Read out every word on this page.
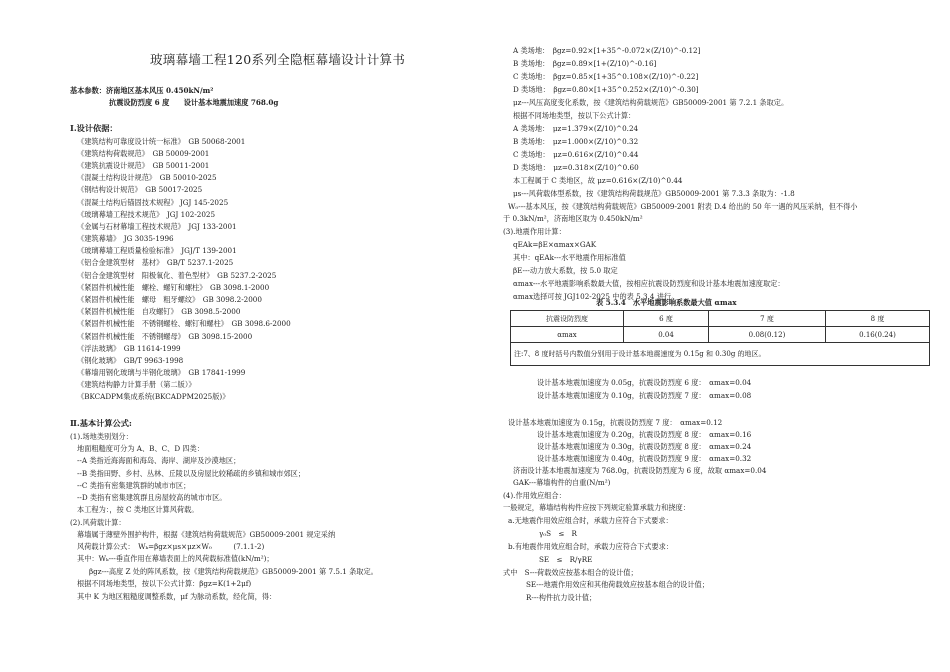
玻璃幕墙工程120系列全隐框幕墙设计计算书
基本参数：济南地区基本风压 0.450kN/m²
抗震设防烈度 6 度　　设计基本地震加速度 768.0g
Ⅰ.设计依据：
《建筑结构可靠度设计统一标准》　GB 50068-2001
《建筑结构荷载规范》　GB 50009-2001
《建筑抗震设计规范》　GB 50011-2001
《混凝土结构设计规范》　GB 50010-2025
《钢结构设计规范》　GB 50017-2025
《混凝土结构后锚固技术规程》 JGJ 145-2025
《玻璃幕墙工程技术规范》　JGJ 102-2025
《金属与石材幕墙工程技术规范》　JGJ 133-2001
《建筑幕墙》　JG 3035-1996
《玻璃幕墙工程质量检验标准》　JGJ/T 139-2001
《铝合金建筑型材　基材》　GB/T 5237.1-2025
《铝合金建筑型材　阳极氧化、着色型材》　GB 5237.2-2025
《紧固件机械性能　螺栓、螺钉和螺柱》　GB 3098.1-2000
《紧固件机械性能　螺母　粗牙螺纹》　GB 3098.2-2000
《紧固件机械性能　自攻螺钉》　GB 3098.5-2000
《紧固件机械性能　不锈钢螺栓、螺钉和螺柱》　GB 3098.6-2000
《紧固件机械性能　不锈钢螺母》　GB 3098.15-2000
《浮法玻璃》　GB 11614-1999
《钢化玻璃》　GB/T 9963-1998
《幕墙用钢化玻璃与半钢化玻璃》　GB 17841-1999
《建筑结构静力计算手册（第二版）》
《BKCADPM集成系统(BKCADPM2025版)》
Ⅱ.基本计算公式:
(1).场地类别划分：
地面粗糙度可分为 A、B、C、D 四类：
--A 类指近海海面和海岛、海岸、湖岸及沙漠地区；
--B 类指田野、乡村、丛林、丘陵以及房屋比较稀疏的乡镇和城市郊区；
--C 类指有密集建筑群的城市市区；
--D 类指有密集建筑群且房屋较高的城市市区。
本工程为：，按 C 类地区计算风荷载。
(2).风荷载计算：
幕墙属于薄壁外围护构件，根据《建筑结构荷载规范》GB50009-2001 规定采纳
风荷载计算公式：　Wₖ=βgz×μs×μz×W₀　　　(7.1.1-2)
其中：Wₖ---垂直作用在幕墙表面上的风荷载标准值(kN/m²)；
βgz---高度 Z 处的阵风系数，按《建筑结构荷载规范》GB50009-2001 第 7.5.1 条取定。
根据不同场地类型，按以下公式计算：βgz=K(1+2μf)
其中 K 为地区粗糙度调整系数，μf 为脉动系数，经化简，得：
A 类场地：　βgz=0.92×[1+35^-0.072×(Z/10)^-0.12]
B 类场地：　βgz=0.89×[1+(Z/10)^-0.16]
C 类场地：　βgz=0.85×[1+35^0.108×(Z/10)^-0.22]
D 类场地：　βgz=0.80×[1+35^0.252×(Z/10)^-0.30]
μz---风压高度变化系数，按《建筑结构荷载规范》GB50009-2001 第 7.2.1 条取定。
根据不同场地类型，按以下公式计算：
A 类场地：　μz=1.379×(Z/10)^0.24
B 类场地：　μz=1.000×(Z/10)^0.32
C 类场地：　μz=0.616×(Z/10)^0.44
D 类场地：　μz=0.318×(Z/10)^0.60
本工程属于 C 类地区，故 μz=0.616×(Z/10)^0.44
μs---风荷载体型系数，按《建筑结构荷载规范》GB50009-2001 第 7.3.3 条取为：-1.8
W₀---基本风压，按《建筑结构荷载规范》GB50009-2001 附表 D.4 给出的 50 年一遇的风压采纳，但不得小
于 0.3kN/m²，济南地区取为 0.450kN/m²
(3).地震作用计算：
qEAk=βE×αmax×GAK
其中：qEAk---水平地震作用标准值
βE---动力放大系数，按 5.0 取定
αmax---水平地震影响系数最大值，按相应抗震设防烈度和设计基本地震加速度取定：
αmax选择可按 JGJ102-2025 中的表 5.3.4 进行。
表 5.3.4　水平地震影响系数最大值 αmax
抗震设防烈度	6 度	7 度	8 度
αmax	0.04	0.08(0.12)	0.16(0.24)
注:7、8 度时括号内数值分别用于设计基本地震速度为 0.15g 和 0.30g 的地区。			
设计基本地震加速度为 0.05g，抗震设防烈度 6 度：　αmax=0.04
设计基本地震加速度为 0.10g，抗震设防烈度 7 度：　αmax=0.08
设计基本地震加速度为 0.15g，抗震设防烈度 7 度：　αmax=0.12
设计基本地震加速度为 0.20g，抗震设防烈度 8 度：　αmax=0.16
设计基本地震加速度为 0.30g，抗震设防烈度 8 度：　αmax=0.24
设计基本地震加速度为 0.40g，抗震设防烈度 9 度：　αmax=0.32
济南设计基本地震加速度为 768.0g，抗震设防烈度为 6 度，故取 αmax=0.04
GAK---幕墙构件的自重(N/m²)
(4).作用效应组合：
一般规定，幕墙结构构件应按下列规定验算承载力和挠度：
a.无地震作用效应组合时，承载力应符合下式要求：
γ₀S　≤　R
b.有地震作用效应组合时，承载力应符合下式要求：
SE　≤　R/γRE
式中　S---荷载效应按基本组合的设计值；
SE---地震作用效应和其他荷载效应按基本组合的设计值；
R---构件抗力设计值；
